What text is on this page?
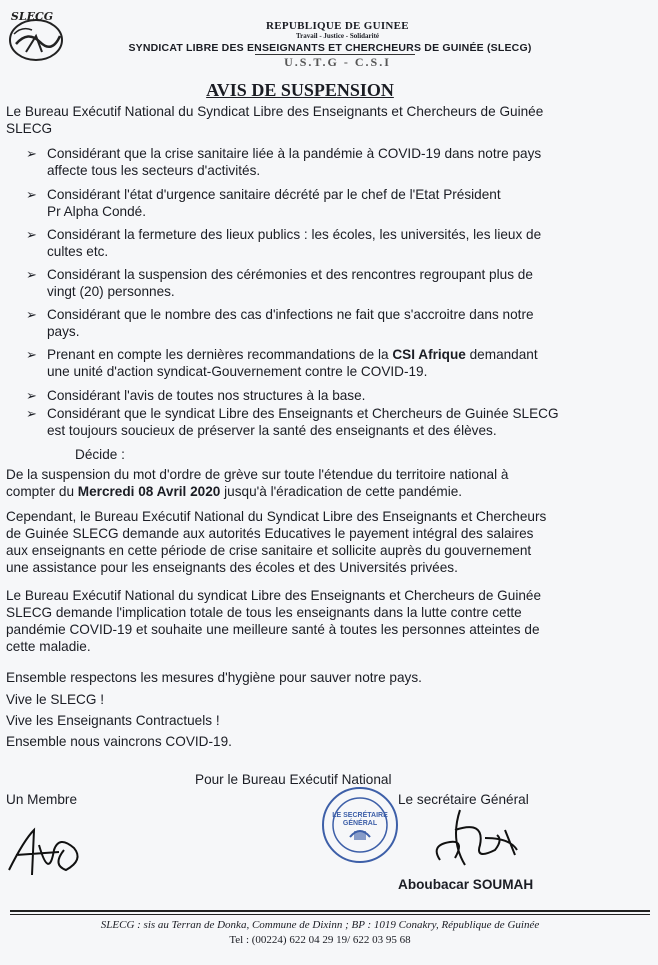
SLECG
REPUBLIQUE DE GUINEE
Travail - Justice - Solidarité
SYNDICAT LIBRE DES ENSEIGNANTS ET CHERCHEURS DE GUINÉE (SLECG)
U.S.T.G - C.S.I
AVIS DE SUSPENSION
Le Bureau Exécutif National du Syndicat Libre des Enseignants et Chercheurs de Guinée
SLECG
➢ Considérant que la crise sanitaire liée à la pandémie à COVID-19 dans notre pays
affecte tous les secteurs d'activités.
➢ Considérant l'état d'urgence sanitaire décrété par le chef de l'Etat Président
Pr Alpha Condé.
➢ Considérant la fermeture des lieux publics : les écoles, les universités, les lieux de
cultes etc.
➢ Considérant la suspension des cérémonies et des rencontres regroupant plus de
vingt (20) personnes.
➢ Considérant que le nombre des cas d'infections ne fait que s'accroitre dans notre
pays.
➢ Prenant en compte les dernières recommandations de la CSI Afrique demandant
une unité d'action syndicat-Gouvernement contre le COVID-19.
➢ Considérant l'avis de toutes nos structures à la base.
➢ Considérant que le syndicat Libre des Enseignants et Chercheurs de Guinée SLECG
est toujours soucieux de préserver la santé des enseignants et des élèves.
Décide :
De la suspension du mot d'ordre de grève sur toute l'étendue du territoire national à
compter du Mercredi 08 Avril 2020 jusqu'à l'éradication de cette pandémie.
Cependant, le Bureau Exécutif National du Syndicat Libre des Enseignants et Chercheurs
de Guinée SLECG demande aux autorités Educatives le payement intégral des salaires
aux enseignants en cette période de crise sanitaire et sollicite auprès du gouvernement
une assistance pour les enseignants des écoles et des Universités privées.
Le Bureau Exécutif National du syndicat Libre des Enseignants et Chercheurs de Guinée
SLECG demande l'implication totale de tous les enseignants dans la lutte contre cette
pandémie COVID-19 et souhaite une meilleure santé à toutes les personnes atteintes de
cette maladie.
Ensemble respectons les mesures d'hygiène pour sauver notre pays.
Vive le SLECG !
Vive les Enseignants Contractuels !
Ensemble nous vaincrons COVID-19.
Pour le Bureau Exécutif National
Un Membre	Le secrétaire Général
LE SECRÉTAIRE GÉNÉRAL
Aboubacar SOUMAH
SLECG : sis au Terran de Donka, Commune de Dixinn ; BP : 1019 Conakry, République de Guinée
Tel : (00224) 622 04 29 19/ 622 03 95 68
